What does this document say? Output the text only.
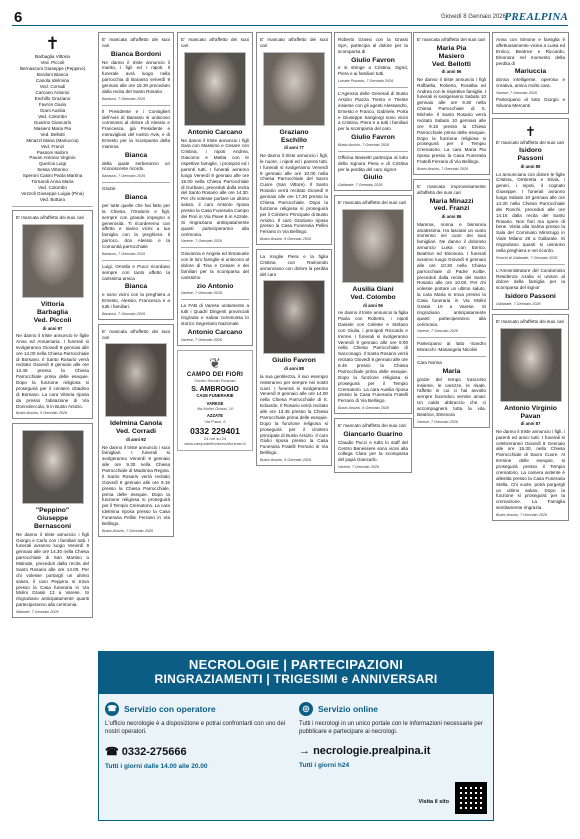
6	Giovedì 8 Gennaio 2026
PREALPINA
✝
Barbaglia Vittoria
Ved. Piccoli
Bernasconi Giuseppe (Peppino)
Bordoni Bianca
Canola Idelmina
Ved. Corradi
Carcano Antonio
Eschillo Graziano
Favron Giulio
Giani Ausilia
Ved. Colombo
Guarino Giancarlo
Masiero Maria Pia
Ved. Bellotti
Minazzi Maria (Mariuccia)
Ved. Franzi
Passoni Isidoro
Pavan Antonio Virginio
Quercia Luigi
Sessa Vittorino
Speroni Casini Paola Martina
Tornaroli Anna Maria
Ved. Colombo
Vezzoli Giuseppe Luigia (Pina)
Ved. Bottaro
E' mancata all'affetto dei suoi cari
Vittoria
Barbaglia
Ved. Piccoli
di anni 97
Ne danno il triste annuncio le figlie Anna ed Annamaria. I funerali si svolgeranno Giovedì 8 gennaio alle ore 14.00 nella Chiesa Parrocchiale di Borsano. Il Santo Rosario verrà recitato Giovedì 8 gennaio alle ore 13.45 presso la Chiesa Parrocchiale prima delle esequie. Dopo la funzione religiosa si proseguirà per il cimitero cittadino di Borsano. La cara Vittoria riposa da presso l'abitazione di Via Donnoleccola, 9 in Busto Arsizio.
Busto Arsizio, 5 Gennaio 2026
"Peppino"
Giuseppe
Bernasconi
Ne danno il triste annuncio i figli Giorgio e Carlo con i familiari tutti. I funerali avranno luogo Venerdì 9 gennaio alle ore 14.30 nella Chiesa parrocchiale di San Martino a Malnate, preceduti dalla recita del Santo Rosario alle ore 14.00. Per chi volesse portargli un ultimo saluto, il caro Peppino si trova presso la Casa funeraria in Via Molini Grassi 13 a Varese. Si ringraziano anticipatamente quanti parteciperanno alla cerimonia.
Malnate, 7 Gennaio 2026
E' mancata all'affetto dei suoi cari
Bianca Bordoni
Ne danno il triste annuncio il marito, i figli ed i nipoti. Il funerale avrà luogo nella parrocchia di Barasso venerdì 9 gennaio alle ore 15.30 preceduto dalla recita del Santo Rosario.
Barasso, 7 Gennaio 2026
Il Presidente e i Consiglieri dell'Avis di Barasso si uniscono commossi al dolore di Alessio e Francesca, già Presidente e meravigliosi del nostro Avis, e di Ernesto per la scomparsa della mamma
Bianca
della quale serberanno un riconoscente ricordo.
Barasso, 7 Gennaio 2026
Grazie
Bianca
per tutte quelle che hai fatto per la Chiesa, l'Oratorio e figli, sempre con grande impegno e generosità. Ti ricorderemo con affetto e siamo vicini a tua famiglia con la preghiera. Il parroco, don Alessio e la Comunità parrocchiale
Barasso, 7 Gennaio 2026
Luigi, Ornella e Pucci ricordano sempre con tanto affetto la carissima amica
Bianca
e sono vicini con la preghiera a Ernesto, Alessio, Francesca e a tutti i familiari.
Barasso, 7 Gennaio 2026
E' mancata all'affetto dei suoi cari
Idelmina Canola
Ved. Corradi
di anni 92
Ne danno il triste annuncio i suoi famigliari. I funerali si svolgeranno Venerdì 9 gennaio alle ore 9.30 nella Chiesa Parrocchiale di Madonna Regina. Il Santo Rosario verrà recitato Giovedì 8 gennaio alle ore 9.15 presso la Chiesa Parrocchiale, prima delle esequie. Dopo la funzione religiosa si proseguirà per il Tempio Crematorio. La cara Idelmina riposa presso la Casa Funeraria Pellini Ferrario in Via Bellingo.
Busto Arsizio, 7 Gennaio 2026
E' mancato all'affetto dei suoi cari
Antonio Carcano
Ne danno il triste annuncio i figli Sara con Massimo e Cesare con Cristina, i nipoti Andrea, Giacomo e Mattia con le rispettive famiglie, i pronipoti ed i parenti tutti. I funerali avranno luogo Venerdì 9 gennaio alle ore 15.00 nella Chiesa Parrocchiale di Gurbano, preceduti dalla recita del Santo Rosario alle ore 14.30. Per chi volesse portare un ultimo saluto, il caro Antonio riposa presso la Casa Funeraria Campo dei Fiori in Via Piave 6 in Azzate. Si ringraziano anticipatamente quanti parteciperanno alla cerimonia.
Varese, 7 Gennaio 2026
Giovanna e Angela ed Emanuele con le loro famiglie si uniscono al dolore di Tina e Cesare e dei familiari per la scomparsa del carissimo
zio Antonio
Varese, 7 Gennaio 2026
La FAB di Varese unitamente a tutti i Quadri Dirigenti provinciali ringrazia e saluta commossa lo storico Segretario Nazionale
Antonio Carcano
Varese, 7 Gennaio 2026
❦
CAMPO DEI FIORI
Centro Servizi Funerari
S. AMBROGIO
CASE FUNERARIE
VARESE
Via Molini Grassi, 10
AZZATE
Via Piave, 6
0332 229401
24 ore su 24
www.campodeifioriservizifunerari.it
E' mancato all'affetto dei suoi cari
Graziano
Eschillo
di anni 77
Ne danno il triste annuncio i figli, le nuore, i nipoti ed i parenti tutti. I funerali si svolgeranno Venerdì 9 gennaio alle ore 10.00 nella Chiesa Parrocchiale del Sacro Cuore (San Vittore). Il Santo Rosario verrà recitato Giovedì 8 gennaio alle ore 17.30 presso la Chiesa Parrocchiale. Dopo la funzione religiosa si proseguirà per il Cimitero Principale di Busto Arsizio. Il caro Graziano riposa presso la Casa Funeraria Pellini Ferrario in Via Bellingo.
Busto Arsizio, 5 Gennaio 2026
La moglie Piera e la figlia Cristina con Raimondo annunciano con dolore la perdita del caro
Giulio Favron
di anni 88
la sua gentilezza, il suo esempio resteranno per sempre nei nostri cuori. I funerali si svolgeranno Venerdì 9 gennaio alle ore 14.00 nella Chiesa Parrocchiale di S. Edoardo. Il Rosario verrà recitato alle ore 13.45 presso la Chiesa Parrocchiale prima delle esequie. Dopo la funzione religiosa si proseguirà per il cimitero principale di Busto Arsizio. Il caro Giulio riposa presso la Casa Funeraria Fratelli Ferrario in Via Bellingo.
Busto Arsizio, 6 Gennaio 2026
Roberto Grassi con la Grassi SpA, partecipa al dolore per la scomparsa di
Giulio Favron
e si stringe a Cristina, Sigrid, Piera e ai familiari tutti.
Lonate Pozzolo, 7 Gennaio 2026
L'Agenzia delle Generali di Busto Arsizio Piazza Trento e Trieste insieme con gli agenti Alessandro, Ernesto e Franco, Gabriele, Porta e Giuseppe Sangiorgi sono vicini a Cristina, Piera e a tutti i familiari per la scomparsa del caro
Giulio Favron
Busto Arsizio, 7 Gennaio 2026
Officina Bassetti partecipa al lutto della signora Piera e di Cristina per la perdita del caro signor
Giulio
Gallarate, 7 Gennaio 2026
E' mancata all'affetto dei suoi cari
Ausilia Giani
Ved. Colombo
di anni 96
ne danno il triste annuncio la figlia Paola con Roberto, i nipoti Daniele con Celeste e Stefano con Giulia, i pronipoti Riccardo e Irenne. I funerali si svolgeranno Venerdì 9 gennaio alle ore 9.00 nella Chiesa Parrocchiale di Sacconago. Il Santo Rosario verrà recitato Giovedì 8 gennaio alle ore 8.45 presso la Chiesa Parrocchiale prima delle esequie. Dopo la funzione religiosa si proseguirà per il Tempio Crematorio. La cara Ausilia riposa presso la Casa Funeraria Fratelli Ferrario di Via Bellingo.
Busto Arsizio, 6 Gennaio 2026
E' mancato all'affetto dei suoi cari
Giancarlo Guarino
Claudio Pucci e tutto lo staff del Centro Benessere sono vicini alla collega Clara per la scomparsa del papà Giancarlo.
Varese, 7 Gennaio 2026
E' mancata all'affetto dei suoi cari
Maria Pia
Masiero
Ved. Bellotti
di anni 86
Ne danno il triste annuncio i figli Raffaella, Roberto, Rosalba ed Andrea con le rispettive famiglie. I funerali si svolgeranno Sabato 10 gennaio alle ore 9.30 nella Chiesa Parrocchiale di S. Michele. Il Santo Rosario verrà recitato Sabato 10 gennaio alle ore 9.15 presso la Chiesa Parrocchiale prima delle esequie. Dopo la funzione religiosa si proseguirà per il Tempio Crematorio. La cara Maria Pia riposa presso la Casa Funeraria Fratelli Ferrario di Via Bellingo.
Busto Arsizio, 7 Gennaio 2026
E' mancata improvvisamente all'affetto dei suoi cari
Maria Minazzi
ved. Franzi
di anni 86
Mamma, nonna e bisnonna amatissima. Ha lasciato un vuoto immenso nei cuori dei suoi famigliari. Ne danno il doloroso annuncio Luisa con Enrico, Beatrice ed Eleonora. I funerali avranno luogo Giovedì 8 gennaio alle ore 10.30 nella Chiesa parrocchiale di Padre Kolbe, preceduti dalla recita del Santo Rosario alle ore 10.00. Per chi volesse portare un ultimo saluto, la cara Maria si trova presso la Casa funeraria in Via Molini Grassi 10 a Varese. Si ringraziano anticipatamente quanti parteciperanno alla cerimonia.
Varese, 7 Gennaio 2026
Partecipano al lutto -Sandro Moracchi -Mariangela Nicolini
Cara Nonna
Maria
grazie del tempo trascorso insieme, le carezze, le risate, l'affetto in cui ci hai avvolto sempre facendoci sentire amati. Un caldo abbraccio che ci accompagnerà tutta la vita. Beatrice, Eleonora
Varese, 7 Gennaio 2026
Anna con Simone e famiglia è affettuosamente vicina a Luisa ed Enrico, Beatrice e Riccardo, Eleonora nel momento della perdita di
Mariuccia
donna intelligente, operosa e creativa, amica molto cara.
Varese, 7 Gennaio 2026
Partecipano al lutto Giorgio e Silvana Mercanti
✝
E' mancato all'affetto dei suoi cari
Isidoro
Passoni
di anni 85
Lo annunciano con dolore le figlie Cristina, Ombretta e Silvia, i generi, i nipoti, il cognato Giuseppe. I funerali avranno luogo Sabato 10 gennaio alle ore 14.30 nella Chiesa Parrocchiale dei Ronchi, preceduti alle ore 14.15 dalla recita del Santo Rosario. Non fiori ma opere di bene. Visita alla Salma presso la Sala del Commiato Mirinzugo in Viale Milano 28 a Gallarate. Si ringraziano quanti si uniranno nella preghiera e nel ricordo.
Ronchi di Gallarate, 7 Gennaio 2026
L'Amministratore del Condominio Residenza Azalia si unisce al dolore della famiglia per la scomparsa del signor
Isidoro Passoni
Gallarate, 7 Gennaio 2026
E' mancato all'affetto dei suoi cari
Antonio Virginio
Pavan
di anni 87
Ne danno il triste annuncio i figli, i parenti ed amici tutti. I funerali si celebreranno Giovedì 8 Gennaio alle ore 15.30, nella Chiesa Parrocchiale di Sacro Cuore. Al termine delle esequie, si proseguirà presso il Tempio crematorio. La camera ardente è allestita presso la Casa Funeraria Stella. Chi vuole, potrà porgergli un ultimo saluto. Dopo la funzione si proseguirà per la cremazione. La Famiglia sentitamente ringrazia.
Busto Arsizio, 7 Gennaio 2026
NECROLOGIE | PARTECIPAZIONI
RINGRAZIAMENTI | TRIGESIMI e ANNIVERSARI
☎ Servizio con operatore
L'ufficio necrologie è a disposizione e potrai confrontarti con uno dei nostri operatori.
☎ 0332-275666
Tutti i giorni dalle 14.00 alle 20.00
◎	Servizio online
Tutti i necrologi in un unico portale con le informazioni necessarie per pubblicare e partecipare ai necrologi.
→ necrologie.prealpina.it
Tutti i giorni h24
Visita il sito
